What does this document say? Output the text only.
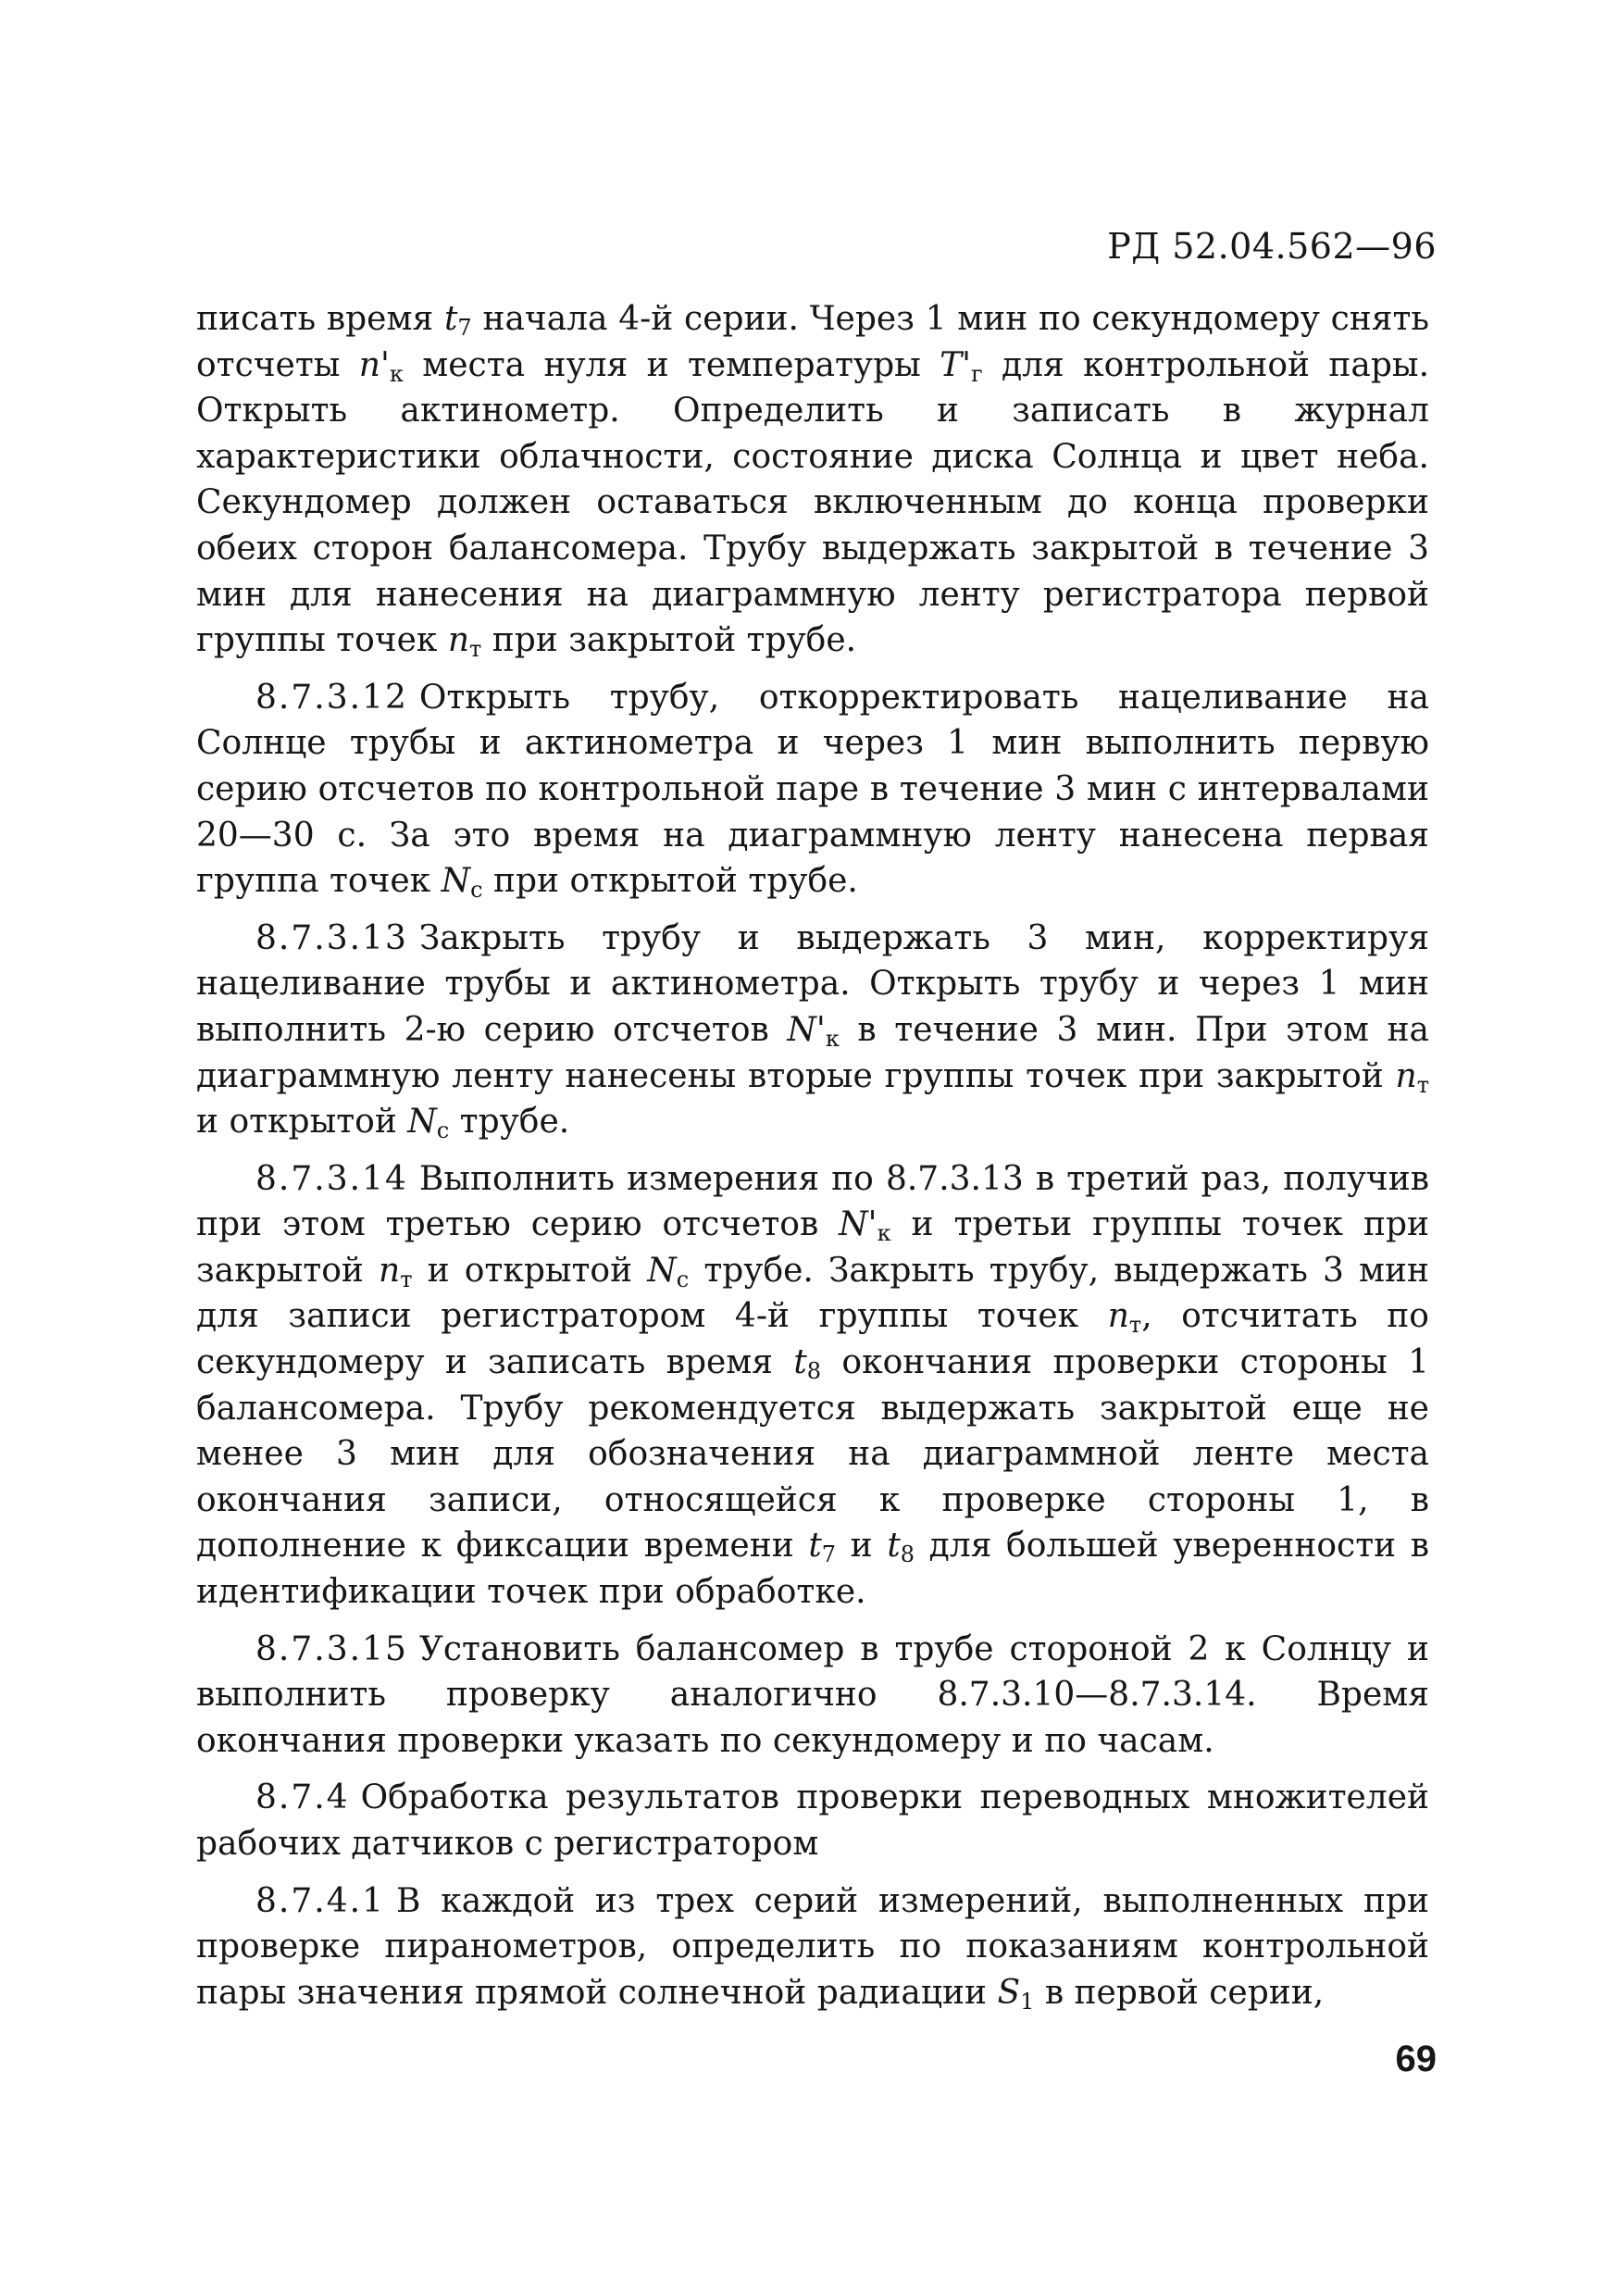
РД 52.04.562—96

писать время $t_7$ начала 4-й серии. Через 1 мин по секундомеру снять отсчеты $n'_к$ места нуля и температуры $T'_г$ для контрольной пары. Открыть актинометр. Определить и записать в журнал характеристики облачности, состояние диска Солнца и цвет неба. Секундомер должен оставаться включенным до конца проверки обеих сторон балансомера. Трубу выдержать закрытой в течение 3 мин для нанесения на диаграммную ленту регистратора первой группы точек $n_т$ при закрытой трубе.

8.7.3.12 Открыть трубу, откорректировать нацеливание на Солнце трубы и актинометра и через 1 мин выполнить первую серию отсчетов по контрольной паре в течение 3 мин с интервалами 20—30 с. За это время на диаграммную ленту нанесена первая группа точек $N_с$ при открытой трубе.

8.7.3.13 Закрыть трубу и выдержать 3 мин, корректируя нацеливание трубы и актинометра. Открыть трубу и через 1 мин выполнить 2-ю серию отсчетов $N'_к$ в течение 3 мин. При этом на диаграммную ленту нанесены вторые группы точек при закрытой $n_т$ и открытой $N_с$ трубе.

8.7.3.14 Выполнить измерения по 8.7.3.13 в третий раз, получив при этом третью серию отсчетов $N'_к$ и третьи группы точек при закрытой $n_т$ и открытой $N_с$ трубе. Закрыть трубу, выдержать 3 мин для записи регистратором 4-й группы точек $n_т$, отсчитать по секундомеру и записать время $t_8$ окончания проверки стороны 1 балансомера. Трубу рекомендуется выдержать закрытой еще не менее 3 мин для обозначения на диаграммной ленте места окончания записи, относящейся к проверке стороны 1, в дополнение к фиксации времени $t_7$ и $t_8$ для большей уверенности в идентификации точек при обработке.

8.7.3.15 Установить балансомер в трубе стороной 2 к Солнцу и выполнить проверку аналогично 8.7.3.10—8.7.3.14. Время окончания проверки указать по секундомеру и по часам.

8.7.4 Обработка результатов проверки переводных множителей рабочих датчиков с регистратором

8.7.4.1 В каждой из трех серий измерений, выполненных при проверке пиранометров, определить по показаниям контрольной пары значения прямой солнечной радиации $S_1$ в первой серии,

69
